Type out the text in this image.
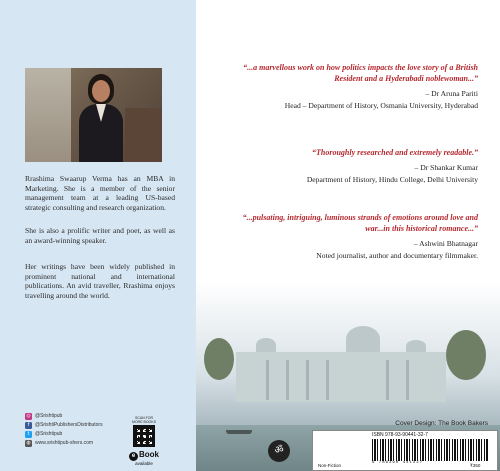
Rrashima Swaarup Verma has an MBA in Marketing. She is a member of the senior management team at a leading US-based strategic consulting and research organization.

She is also a prolific writer and poet, as well as an award-winning speaker.

Her writings have been widely published in prominent national and international publications. An avid traveller, Rrashima enjoys travelling around the world.

◎ @Srishtipub
f	@SrishtiPublishersDistributors
t	@Srishtipub
◍ www.srishtipub-shers.com

“...a marvellous work on how politics impacts the love story of a British Resident and a Hyderabadi noblewoman...”

– Dr Aruna Pariti

Head – Department of History, Osmania University, Hyderabad

“Thoroughly researched and extremely readable.”

– Dr Shankar Kumar

Department of History, Hindu College, Delhi University

“...pulsating, intriguing, luminous strands of emotions around love and war...in this historical romance...”

– Ashwini Bhatnagar

Noted journalist, author and documentary filmmaker.

SCAN FOR
MORE BOOKS
e Book
available
Cover Design: The Book Bakers
ॐ
ISBN 978-93-90441-32-7
9 789390 441327
Non-Fiction	₹350
